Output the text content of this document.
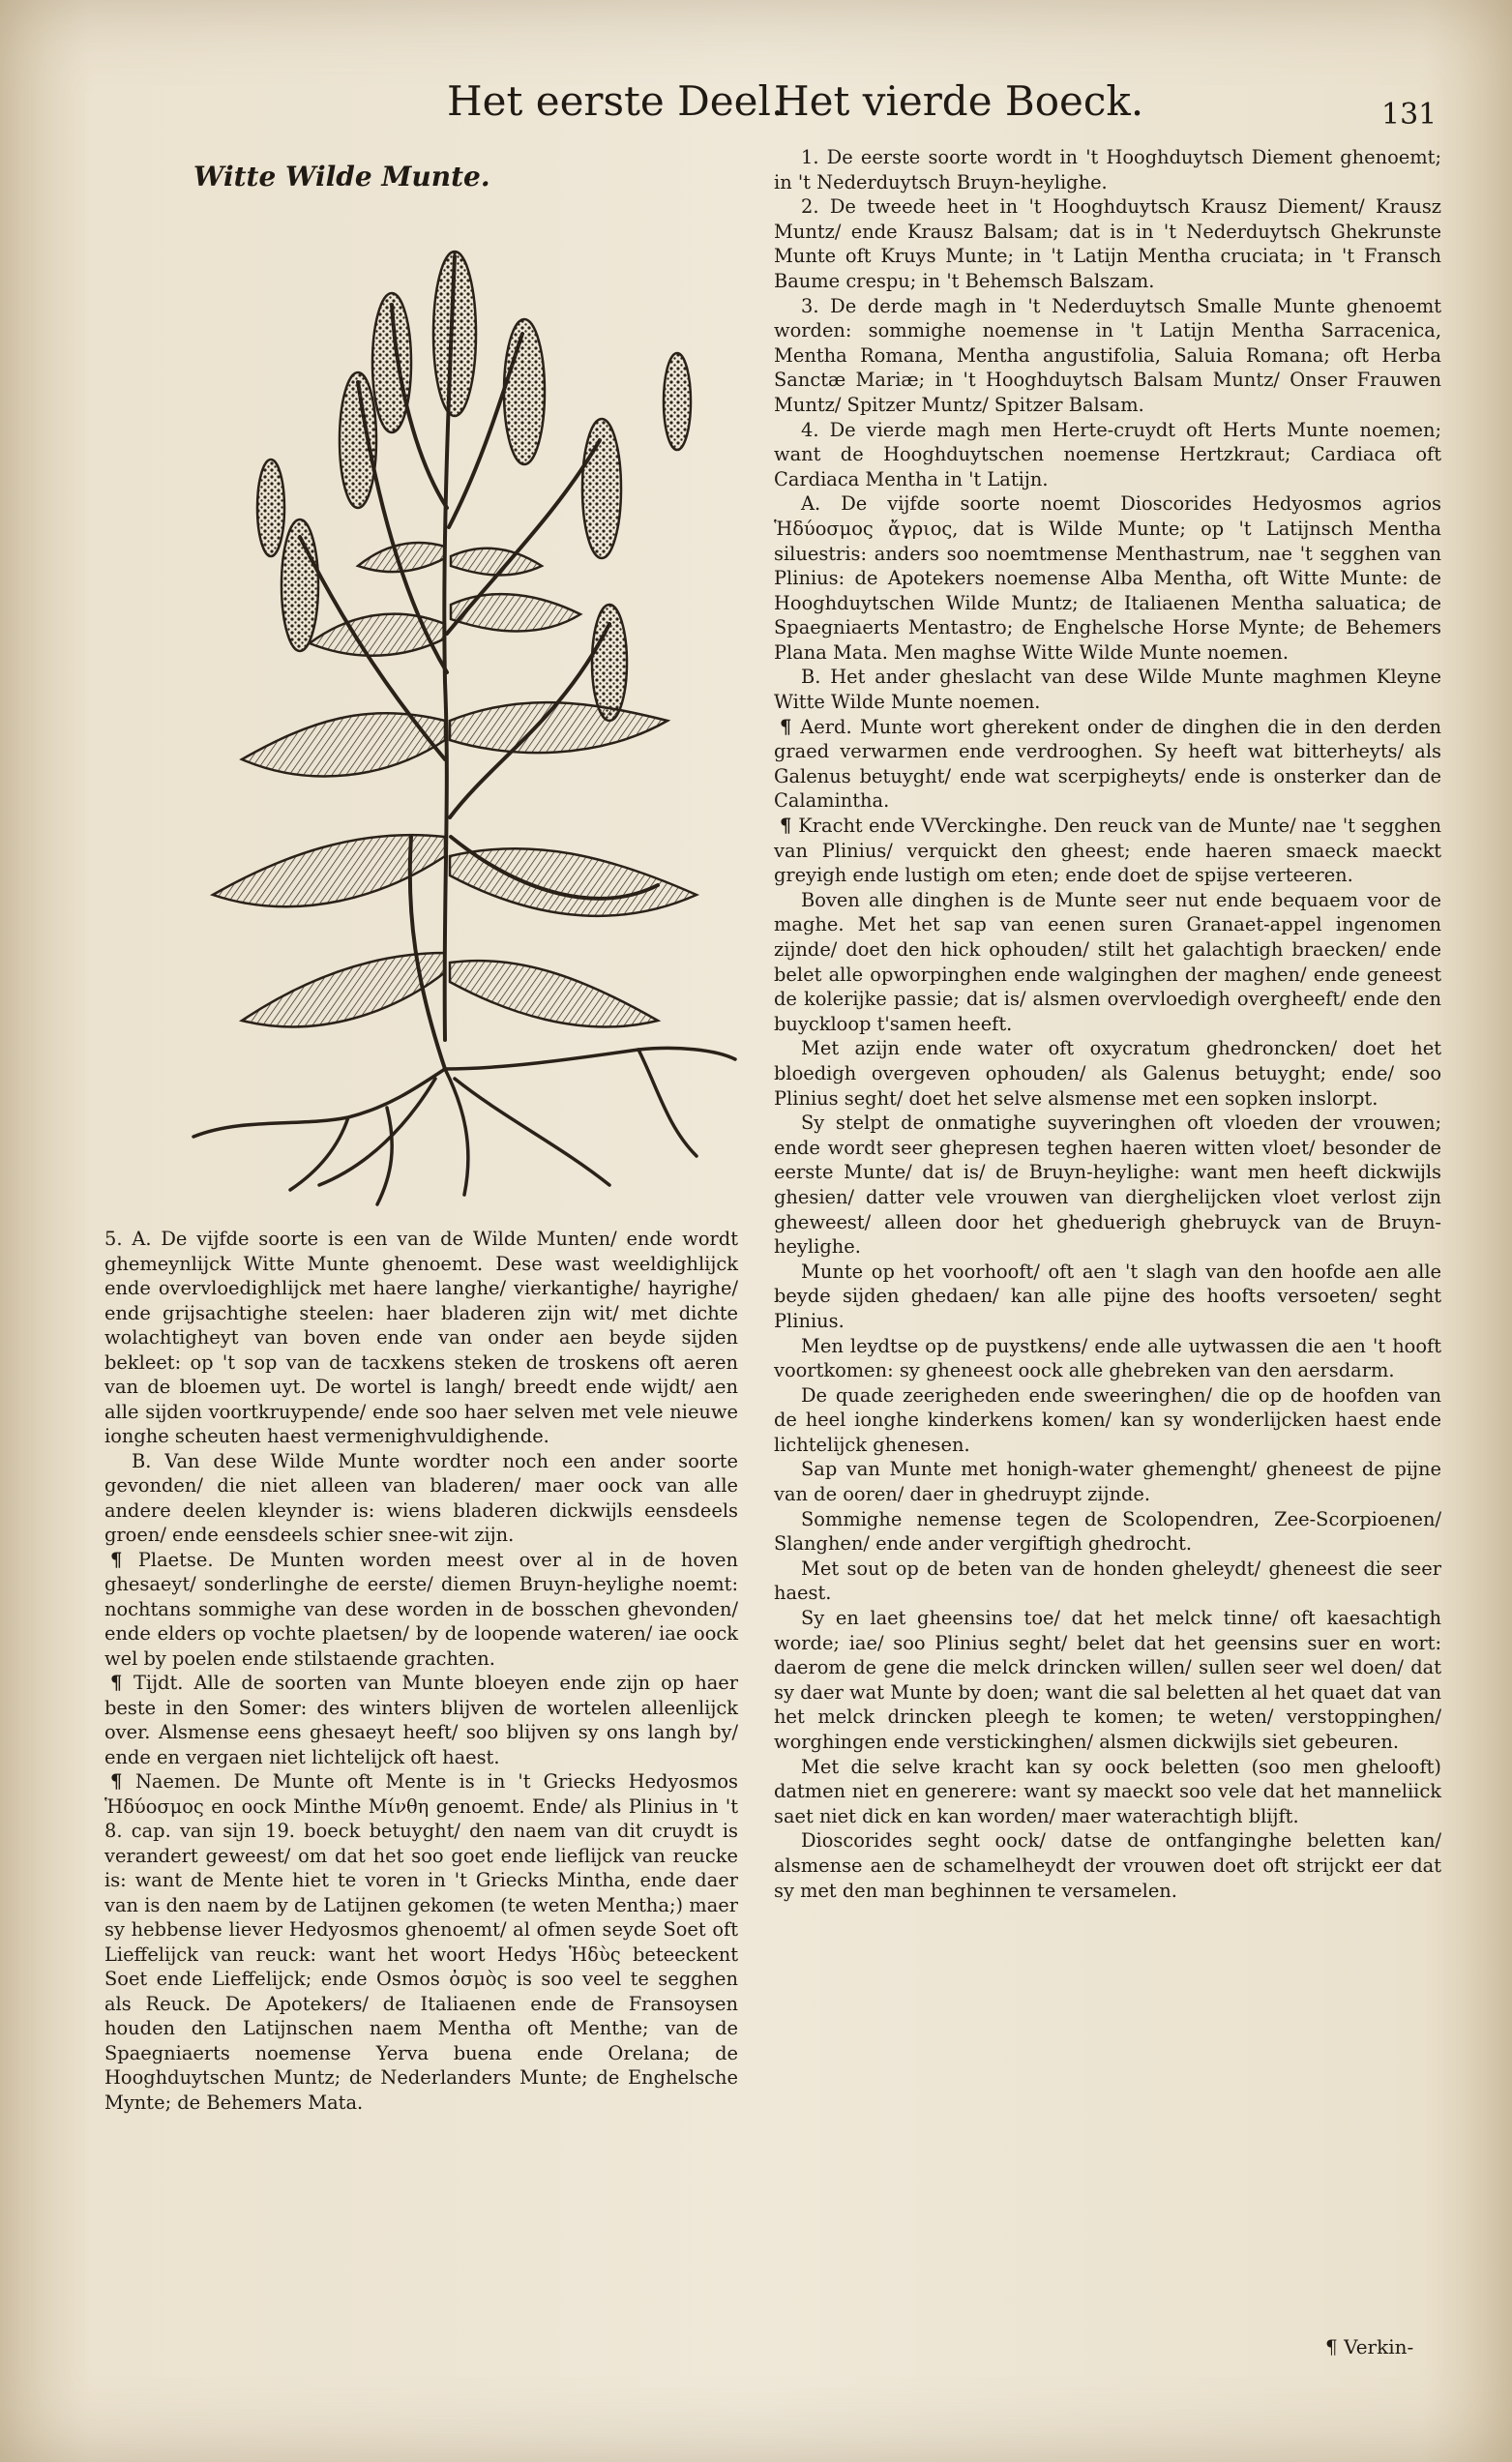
Het eerste Deel.
Het vierde Boeck.	131
Witte Wilde Munte.

5. A. De vijfde soorte is een van de Wilde Munten/ ende wordt ghemeynlijck Witte Munte ghenoemt. Dese wast weeldighlijck ende overvloedighlijck met haere langhe/ vierkantighe/ hayrighe/ ende grijsachtighe steelen: haer bladeren zijn wit/ met dichte wolachtigheyt van boven ende van onder aen beyde sijden bekleet: op 't sop van de tacxkens steken de troskens oft aeren van de bloemen uyt. De wortel is langh/ breedt ende wijdt/ aen alle sijden voortkruypende/ ende soo haer selven met vele nieuwe ionghe scheuten haest vermenighvuldighende.

B. Van dese Wilde Munte wordter noch een ander soorte gevonden/ die niet alleen van bladeren/ maer oock van alle andere deelen kleynder is: wiens bladeren dickwijls eensdeels groen/ ende eensdeels schier snee-wit zijn.

¶ Plaetse. De Munten worden meest over al in de hoven ghesaeyt/ sonderlinghe de eerste/ diemen Bruyn-heylighe noemt: nochtans sommighe van dese worden in de bosschen ghevonden/ ende elders op vochte plaetsen/ by de loopende wateren/ iae oock wel by poelen ende stilstaende grachten.

¶ Tijdt. Alle de soorten van Munte bloeyen ende zijn op haer beste in den Somer: des winters blijven de wortelen alleenlijck over. Alsmense eens ghesaeyt heeft/ soo blijven sy ons langh by/ ende en vergaen niet lichtelijck oft haest.

¶ Naemen. De Munte oft Mente is in 't Griecks Hedyosmos Ἡδύοσμος en oock Minthe Μίνθη genoemt. Ende/ als Plinius in 't 8. cap. van sijn 19. boeck betuyght/ den naem van dit cruydt is verandert geweest/ om dat het soo goet ende lieflijck van reucke is: want de Mente hiet te voren in 't Griecks Mintha, ende daer van is den naem by de Latijnen gekomen (te weten Mentha;) maer sy hebbense liever Hedyosmos ghenoemt/ al ofmen seyde Soet oft Lieffelijck van reuck: want het woort Hedys Ἡδὺς beteeckent Soet ende Lieffelijck; ende Osmos ὀσμὸς is soo veel te segghen als Reuck. De Apotekers/ de Italiaenen ende de Fransoysen houden den Latijnschen naem Mentha oft Menthe; van de Spaegniaerts noemense Yerva buena ende Orelana; de Hooghduytschen Muntz; de Nederlanders Munte; de Enghelsche Mynte; de Behemers Mata.

1. De eerste soorte wordt in 't Hooghduytsch Diement ghenoemt; in 't Nederduytsch Bruyn-heylighe.

2. De tweede heet in 't Hooghduytsch Krausz Diement/ Krausz Muntz/ ende Krausz Balsam; dat is in 't Nederduytsch Ghekrunste Munte oft Kruys Munte; in 't Latijn Mentha cruciata; in 't Fransch Baume crespu; in 't Behemsch Balszam.

3. De derde magh in 't Nederduytsch Smalle Munte ghenoemt worden: sommighe noemense in 't Latijn Mentha Sarracenica, Mentha Romana, Mentha angustifolia, Saluia Romana; oft Herba Sanctæ Mariæ; in 't Hooghduytsch Balsam Muntz/ Onser Frauwen Muntz/ Spitzer Muntz/ Spitzer Balsam.

4. De vierde magh men Herte-cruydt oft Herts Munte noemen; want de Hooghduytschen noemense Hertzkraut; Cardiaca oft Cardiaca Mentha in 't Latijn.

A. De vijfde soorte noemt Dioscorides Hedyosmos agrios Ἡδύοσμος ἄγριος, dat is Wilde Munte; op 't Latijnsch Mentha siluestris: anders soo noemtmense Menthastrum, nae 't segghen van Plinius: de Apotekers noemense Alba Mentha, oft Witte Munte: de Hooghduytschen Wilde Muntz; de Italiaenen Mentha saluatica; de Spaegniaerts Mentastro; de Enghelsche Horse Mynte; de Behemers Plana Mata. Men maghse Witte Wilde Munte noemen.

B. Het ander gheslacht van dese Wilde Munte maghmen Kleyne Witte Wilde Munte noemen.

¶ Aerd. Munte wort gherekent onder de dinghen die in den derden graed verwarmen ende verdrooghen. Sy heeft wat bitterheyts/ als Galenus betuyght/ ende wat scerpigheyts/ ende is onsterker dan de Calamintha.

¶ Kracht ende VVerckinghe. Den reuck van de Munte/ nae 't segghen van Plinius/ verquickt den gheest; ende haeren smaeck maeckt greyigh ende lustigh om eten; ende doet de spijse verteeren.

Boven alle dinghen is de Munte seer nut ende bequaem voor de maghe. Met het sap van eenen suren Granaet-appel ingenomen zijnde/ doet den hick ophouden/ stilt het galachtigh braecken/ ende belet alle opworpinghen ende walginghen der maghen/ ende geneest de kolerijke passie; dat is/ alsmen overvloedigh overgheeft/ ende den buyckloop t'samen heeft.

Met azijn ende water oft oxycratum ghedroncken/ doet het bloedigh overgeven ophouden/ als Galenus betuyght; ende/ soo Plinius seght/ doet het selve alsmense met een sopken inslorpt.

Sy stelpt de onmatighe suyveringhen oft vloeden der vrouwen; ende wordt seer ghepresen teghen haeren witten vloet/ besonder de eerste Munte/ dat is/ de Bruyn-heylighe: want men heeft dickwijls ghesien/ datter vele vrouwen van dierghelijcken vloet verlost zijn gheweest/ alleen door het gheduerigh ghebruyck van de Bruyn-heylighe.

Munte op het voorhooft/ oft aen 't slagh van den hoofde aen alle beyde sijden ghedaen/ kan alle pijne des hoofts versoeten/ seght Plinius.

Men leydtse op de puystkens/ ende alle uytwassen die aen 't hooft voortkomen: sy gheneest oock alle ghebreken van den aersdarm.

De quade zeerigheden ende sweeringhen/ die op de hoofden van de heel ionghe kinderkens komen/ kan sy wonderlijcken haest ende lichtelijck ghenesen.

Sap van Munte met honigh-water ghemenght/ gheneest de pijne van de ooren/ daer in ghedruypt zijnde.

Sommighe nemense tegen de Scolopendren, Zee-Scorpioenen/ Slanghen/ ende ander vergiftigh ghedrocht.

Met sout op de beten van de honden gheleydt/ gheneest die seer haest.

Sy en laet gheensins toe/ dat het melck tinne/ oft kaesachtigh worde; iae/ soo Plinius seght/ belet dat het geensins suer en wort: daerom de gene die melck drincken willen/ sullen seer wel doen/ dat sy daer wat Munte by doen; want die sal beletten al het quaet dat van het melck drincken pleegh te komen; te weten/ verstoppinghen/ worghingen ende verstickinghen/ alsmen dickwijls siet gebeuren.

Met die selve kracht kan sy oock beletten (soo men ghelooft) datmen niet en generere: want sy maeckt soo vele dat het manneliick saet niet dick en kan worden/ maer waterachtigh blijft.

Dioscorides seght oock/ datse de ontfanginghe beletten kan/ alsmense aen de schamelheydt der vrouwen doet oft strijckt eer dat sy met den man beghinnen te versamelen.

¶ Verkin-
